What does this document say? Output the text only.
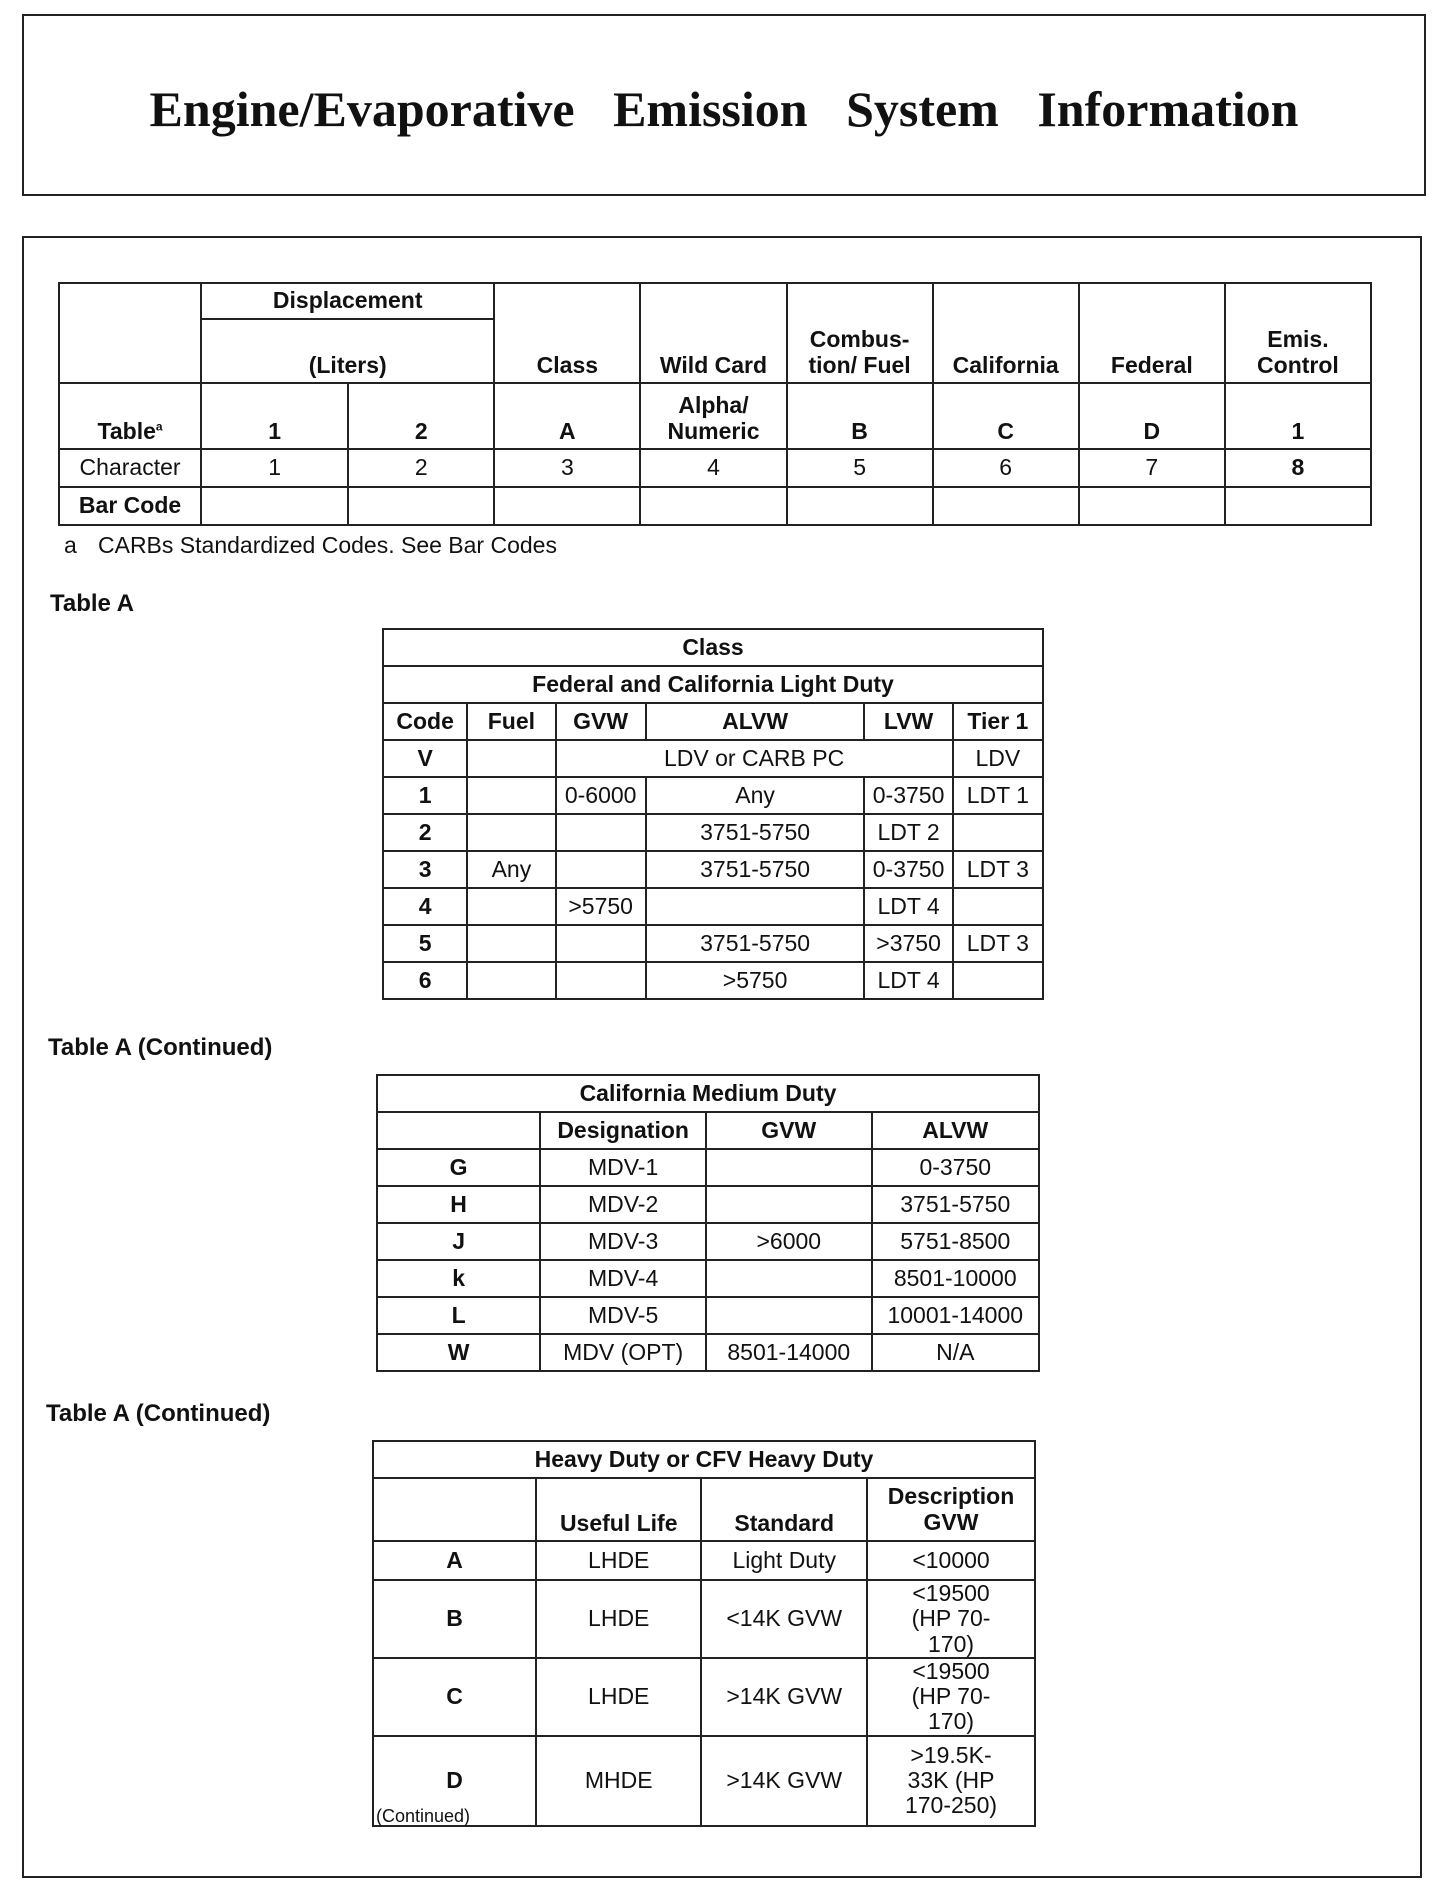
Engine/Evaporative Emission System Information
	Displacement		Class	Wild Card	Combus- tion/ Fuel	California	Federal	Emis. Control
	(Liters)							
Table$^a$	1	2	A	Alpha/ Numeric	B	C	D	1
Character	1	2	3	4	5	6	7	8
Bar Code								
a CARBs Standardized Codes. See Bar Codes
Table A
Class					
Federal and California Light Duty					
Code	Fuel	GVW	ALVW	LVW	Tier 1
V		LDV or CARB PC			LDV
1		0-6000	Any	0-3750	LDT 1
2			3751-5750	LDT 2	
3	Any		3751-5750	0-3750	LDT 3
4		>5750		LDT 4	
5			3751-5750	>3750	LDT 3
6			>5750	LDT 4	
Table A (Continued)
California Medium Duty			
	Designation	GVW	ALVW
G	MDV-1		0-3750
H	MDV-2		3751-5750
J	MDV-3	>6000	5751-8500
k	MDV-4		8501-10000
L	MDV-5		10001-14000
W	MDV (OPT)	8501-14000	N/A
Table A (Continued)
Heavy Duty or CFV Heavy Duty			
	Useful Life	Standard	Description GVW
A	LHDE	Light Duty	<10000
B	LHDE	<14K GVW	<19500 (HP 70-170)
C	LHDE	>14K GVW	<19500 (HP 70-170)
D	MHDE	>14K GVW	>19.5K-33K (HP 170-250)
(Continued)
